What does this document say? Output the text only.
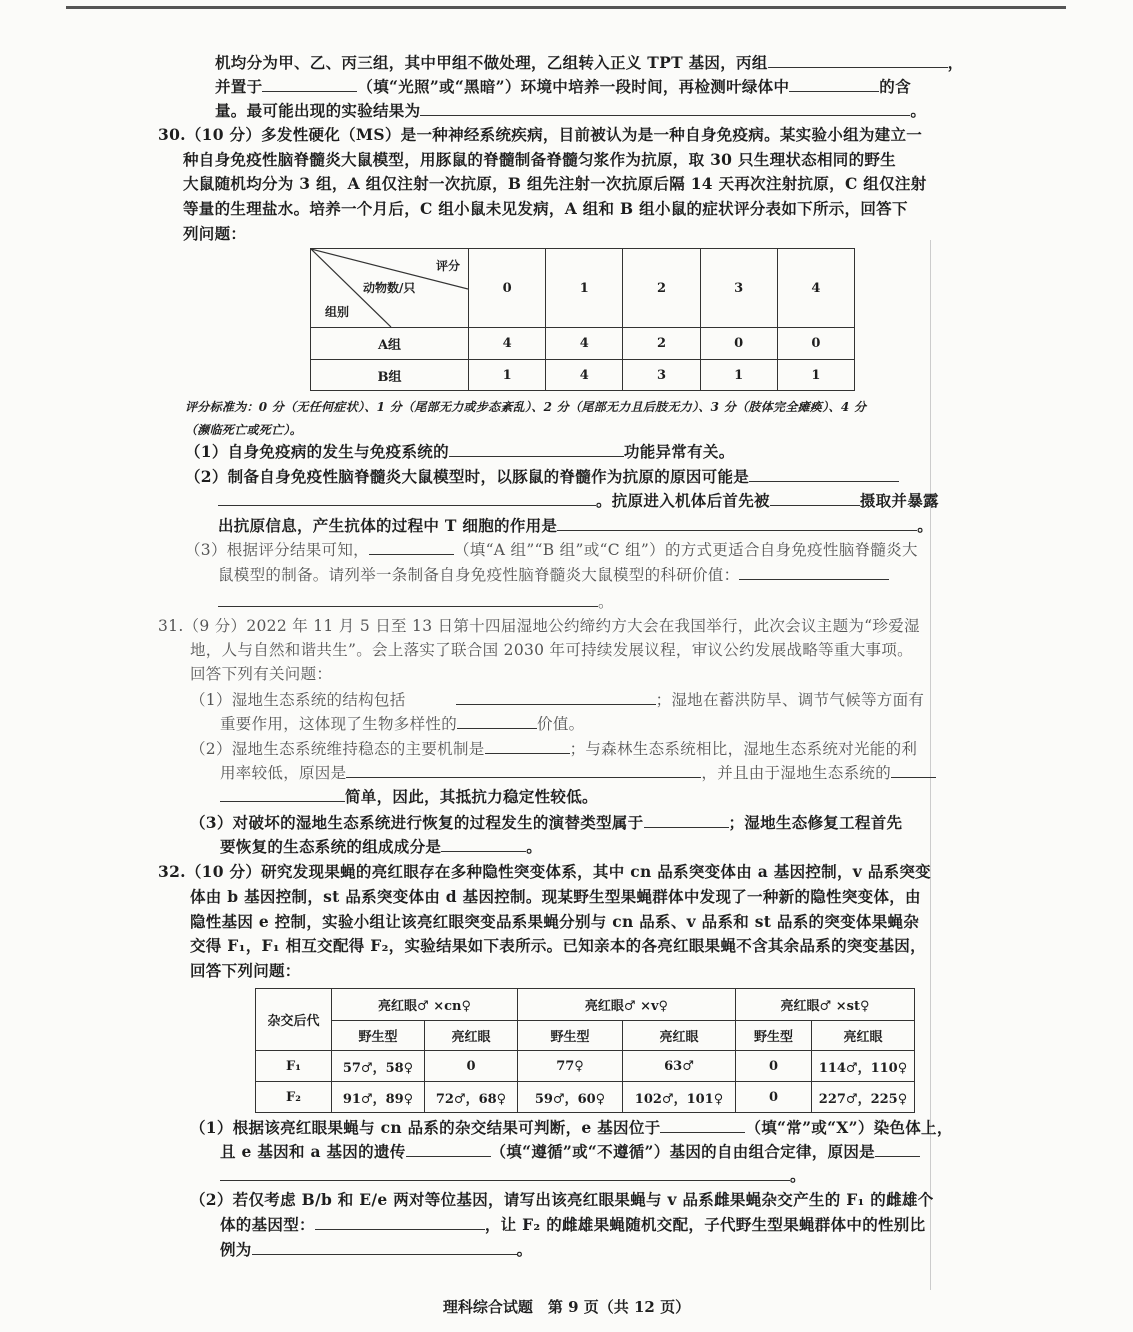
机均分为甲、乙、丙三组，其中甲组不做处理，乙组转入正义 TPT 基因，丙组	，
并置于	（填“光照”或“黑暗”）环境中培养一段时间，再检测叶绿体中	的含
量。最可能出现的实验结果为	。
30.（10 分）多发性硬化（MS）是一种神经系统疾病，目前被认为是一种自身免疫病。某实验小组为建立一
种自身免疫性脑脊髓炎大鼠模型，用豚鼠的脊髓制备脊髓匀浆作为抗原，取 30 只生理状态相同的野生
大鼠随机均分为 3 组，A 组仅注射一次抗原，B 组先注射一次抗原后隔 14 天再次注射抗原，C 组仅注射
等量的生理盐水。培养一个月后，C 组小鼠未见发病，A 组和 B 组小鼠的症状评分表如下所示，回答下
列问题：
评分
动物数/只
组别	0	1	2	3	4
A组	4	4	2	0	0
B组	1	4	3	1	1
评分标准为：0 分（无任何症状）、1 分（尾部无力或步态紊乱）、2 分（尾部无力且后肢无力）、3 分（肢体完全瘫痪）、4 分
（濒临死亡或死亡）。
（1）自身免疫病的发生与免疫系统的	功能异常有关。
（2）制备自身免疫性脑脊髓炎大鼠模型时，以豚鼠的脊髓作为抗原的原因可能是
。抗原进入机体后首先被	摄取并暴露
出抗原信息，产生抗体的过程中 T 细胞的作用是	。
（3）根据评分结果可知，	（填“A 组”“B 组”或“C 组”）的方式更适合自身免疫性脑脊髓炎大
鼠模型的制备。请列举一条制备自身免疫性脑脊髓炎大鼠模型的科研价值：
。
31.（9 分）2022 年 11 月 5 日至 13 日第十四届湿地公约缔约方大会在我国举行，此次会议主题为“珍爱湿
地，人与自然和谐共生”。会上落实了联合国 2030 年可持续发展议程，审议公约发展战略等重大事项。
回答下列有关问题：
（1）湿地生态系统的结构包括	；湿地在蓄洪防旱、调节气候等方面有
重要作用，这体现了生物多样性的	价值。
（2）湿地生态系统维持稳态的主要机制是	；与森林生态系统相比，湿地生态系统对光能的利
用率较低，原因是	，并且由于湿地生态系统的
简单，因此，其抵抗力稳定性较低。
（3）对破坏的湿地生态系统进行恢复的过程发生的演替类型属于	；湿地生态修复工程首先
要恢复的生态系统的组成成分是	。
32.（10 分）研究发现果蝇的亮红眼存在多种隐性突变体系，其中 cn 品系突变体由 a 基因控制，v 品系突变
体由 b 基因控制，st 品系突变体由 d 基因控制。现某野生型果蝇群体中发现了一种新的隐性突变体，由
隐性基因 e 控制，实验小组让该亮红眼突变品系果蝇分别与 cn 品系、v 品系和 st 品系的突变体果蝇杂
交得 F₁，F₁ 相互交配得 F₂，实验结果如下表所示。已知亲本的各亮红眼果蝇不含其余品系的突变基因，
回答下列问题：
杂交后代	亮红眼♂ ×cn♀		亮红眼♂ ×v♀		亮红眼♂ ×st♀	
	野生型	亮红眼	野生型	亮红眼	野生型	亮红眼
F₁	57♂，58♀	0	77♀	63♂	0	114♂，110♀
F₂	91♂，89♀	72♂，68♀	59♂，60♀	102♂，101♀	0	227♂，225♀
（1）根据该亮红眼果蝇与 cn 品系的杂交结果可判断，e 基因位于	（填“常”或“X”）染色体上，
且 e 基因和 a 基因的遗传	（填“遵循”或“不遵循”）基因的自由组合定律，原因是
。
（2）若仅考虑 B/b 和 E/e 两对等位基因，请写出该亮红眼果蝇与 v 品系雌果蝇杂交产生的 F₁ 的雌雄个
体的基因型：	，让 F₂ 的雌雄果蝇随机交配，子代野生型果蝇群体中的性别比
例为	。
理科综合试题　第 9 页（共 12 页）
